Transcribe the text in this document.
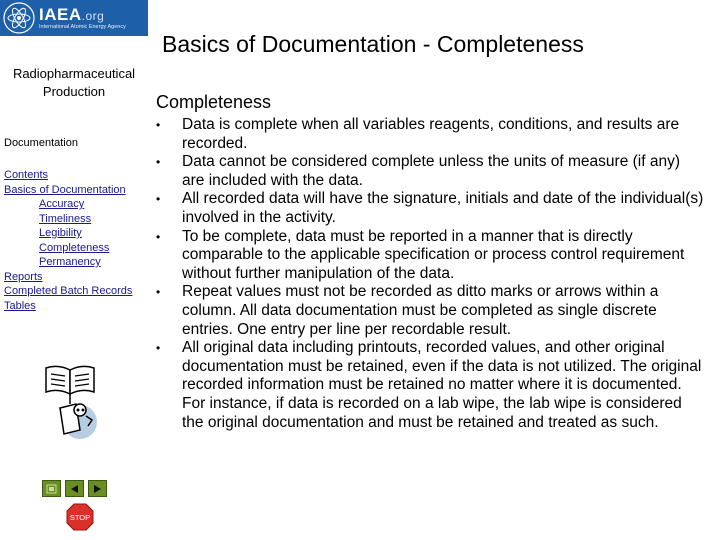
IAEA.org
International Atomic Energy Agency
Basics of Documentation - Completeness
Radiopharmaceutical Production
Documentation
Contents
Basics of Documentation
Accuracy
Timeliness
Legibility
Completeness
Permanency
Reports
Completed Batch Records
Tables
STOP
Completeness
•	Data is complete when all variables reagents, conditions, and results are recorded.
•	Data cannot be considered complete unless the units of measure (if any) are included with the data.
•	All recorded data will have the signature, initials and date of the individual(s) involved in the activity.
•	To be complete, data must be reported in a manner that is directly comparable to the applicable specification or process control requirement without further manipulation of the data.
•	Repeat values must not be recorded as ditto marks or arrows within a column. All data documentation must be completed as single discrete entries. One entry per line per recordable result.
•	All original data including printouts, recorded values, and other original documentation must be retained, even if the data is not utilized. The original recorded information must be retained no matter where it is documented. For instance, if data is recorded on a lab wipe, the lab wipe is considered the original documentation and must be retained and treated as such.
